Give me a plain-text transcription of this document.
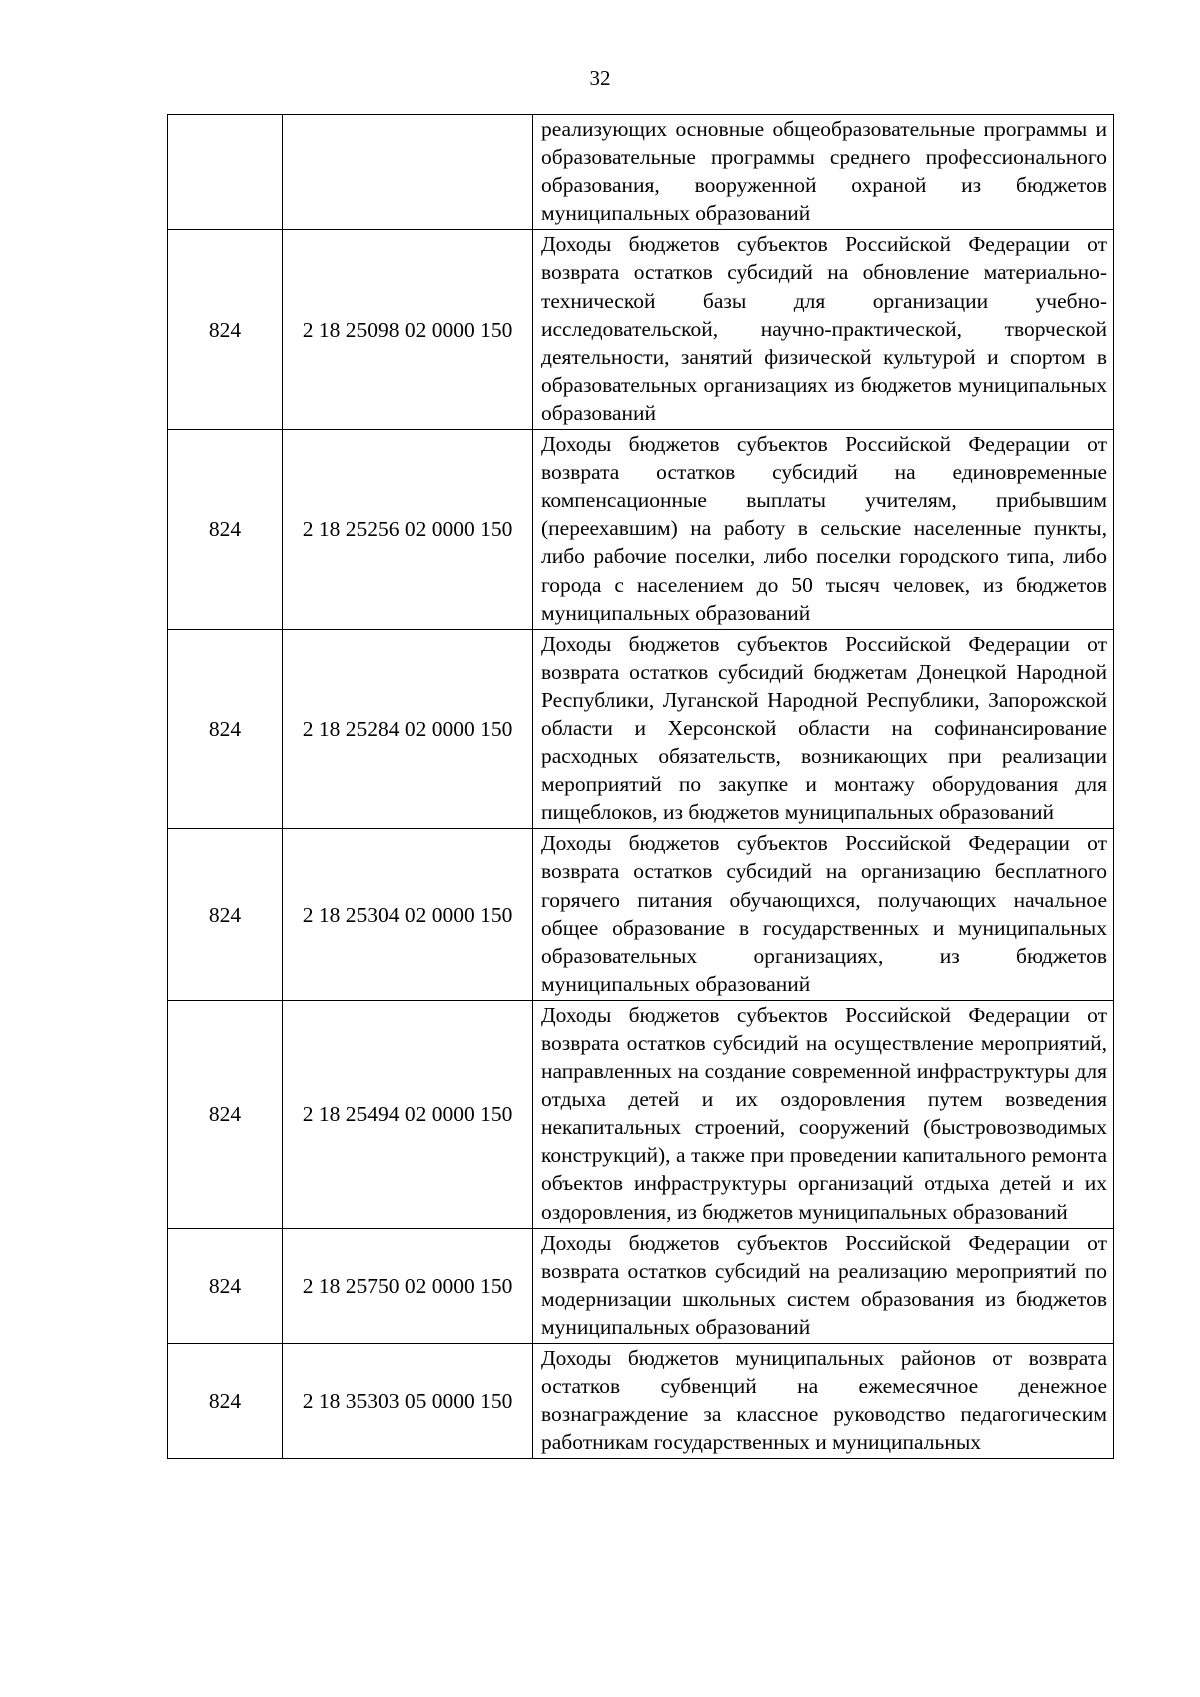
32
		реализующих основные общеобразовательные программы и образовательные программы среднего профессионального образования, вооруженной охраной из бюджетов муниципальных образований
824	2 18 25098 02 0000 150	Доходы бюджетов субъектов Российской Федерации от возврата остатков субсидий на обновление материально-технической базы для организации учебно-исследовательской, научно-практической, творческой деятельности, занятий физической культурой и спортом в образовательных организациях из бюджетов муниципальных образований
824	2 18 25256 02 0000 150	Доходы бюджетов субъектов Российской Федерации от возврата остатков субсидий на единовременные компенсационные выплаты учителям, прибывшим (переехавшим) на работу в сельские населенные пункты, либо рабочие поселки, либо поселки городского типа, либо города с населением до 50 тысяч человек, из бюджетов муниципальных образований
824	2 18 25284 02 0000 150	Доходы бюджетов субъектов Российской Федерации от возврата остатков субсидий бюджетам Донецкой Народной Республики, Луганской Народной Республики, Запорожской области и Херсонской области на софинансирование расходных обязательств, возникающих при реализации мероприятий по закупке и монтажу оборудования для пищеблоков, из бюджетов муниципальных образований
824	2 18 25304 02 0000 150	Доходы бюджетов субъектов Российской Федерации от возврата остатков субсидий на организацию бесплатного горячего питания обучающихся, получающих начальное общее образование в государственных и муниципальных образовательных организациях, из бюджетов муниципальных образований
824	2 18 25494 02 0000 150	Доходы бюджетов субъектов Российской Федерации от возврата остатков субсидий на осуществление мероприятий, направленных на создание современной инфраструктуры для отдыха детей и их оздоровления путем возведения некапитальных строений, сооружений (быстровозводимых конструкций), а также при проведении капитального ремонта объектов инфраструктуры организаций отдыха детей и их оздоровления, из бюджетов муниципальных образований
824	2 18 25750 02 0000 150	Доходы бюджетов субъектов Российской Федерации от возврата остатков субсидий на реализацию мероприятий по модернизации школьных систем образования из бюджетов муниципальных образований
824	2 18 35303 05 0000 150	Доходы бюджетов муниципальных районов от возврата остатков субвенций на ежемесячное денежное вознаграждение за классное руководство педагогическим работникам государственных и муниципальных
